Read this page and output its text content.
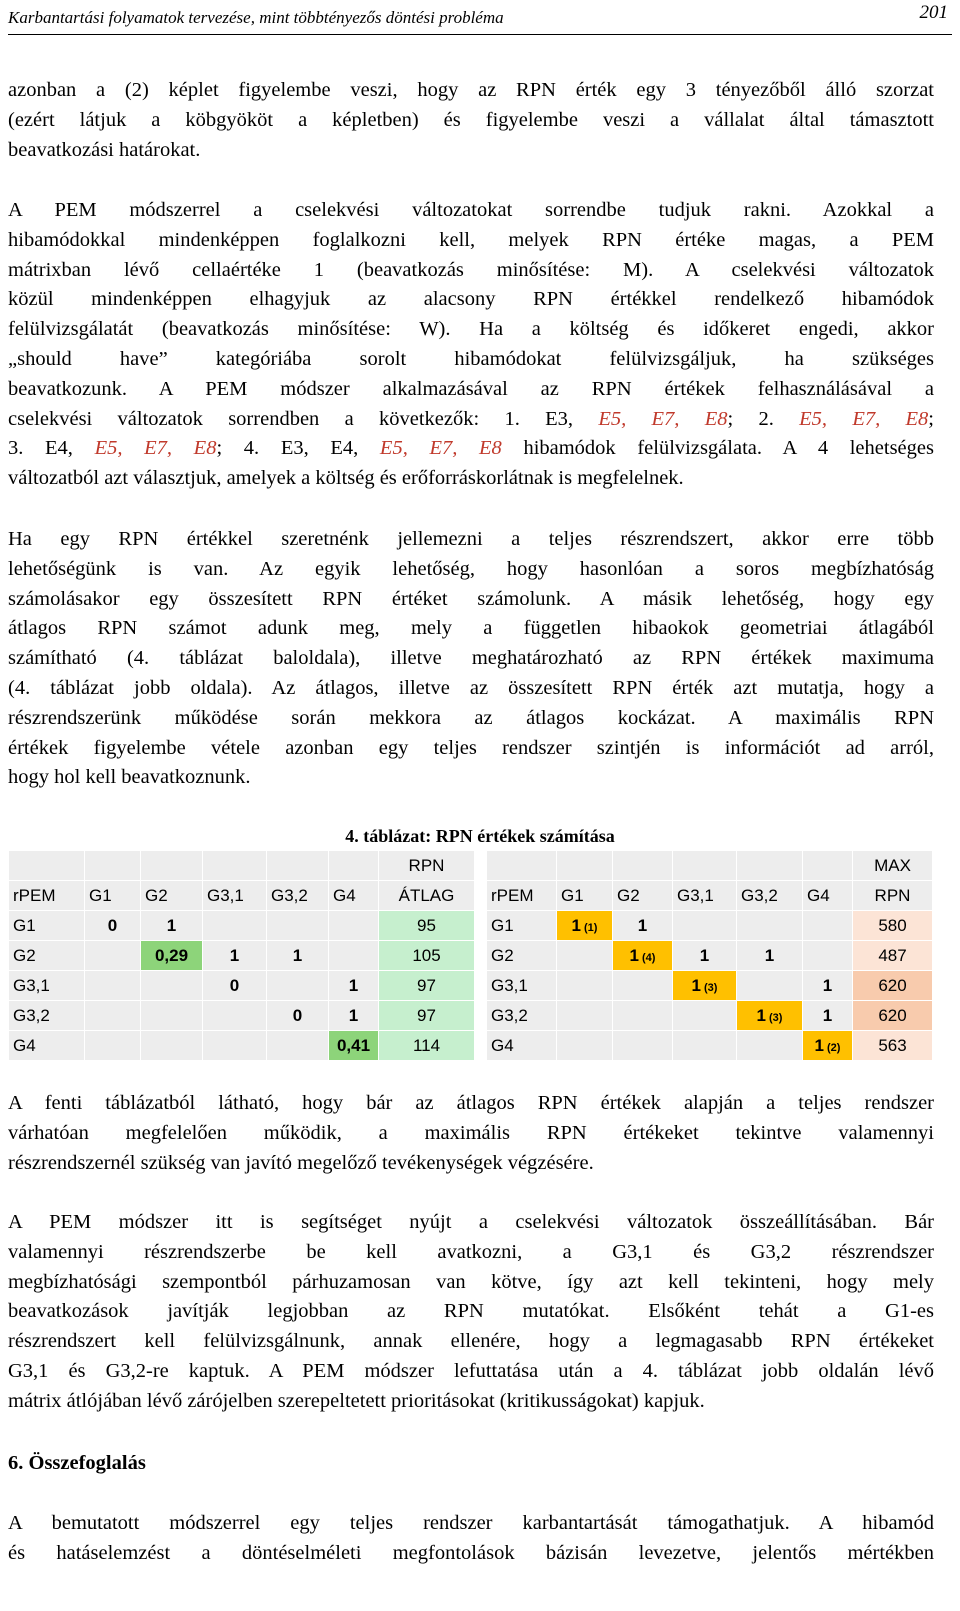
Karbantartási folyamatok tervezése, mint többtényezős döntési probléma	201
azonban a (2) képlet figyelembe veszi, hogy az RPN érték egy 3 tényezőből álló szorzat
(ezért látjuk a köbgyököt a képletben) és figyelembe veszi a vállalat által támasztott
beavatkozási határokat.
A PEM módszerrel a cselekvési változatokat sorrendbe tudjuk rakni. Azokkal a
hibamódokkal mindenképpen foglalkozni kell, melyek RPN értéke magas, a PEM
mátrixban lévő cellaértéke 1 (beavatkozás minősítése: M). A cselekvési változatok
közül mindenképpen elhagyjuk az alacsony RPN értékkel rendelkező hibamódok
felülvizsgálatát (beavatkozás minősítése: W). Ha a költség és időkeret engedi, akkor
„should have” kategóriába sorolt hibamódokat felülvizsgáljuk, ha szükséges
beavatkozunk. A PEM módszer alkalmazásával az RPN értékek felhasználásával a
cselekvési változatok sorrendben a következők: 1. E3, E5, E7, E8; 2. E5, E7, E8;
3. E4, E5, E7, E8; 4. E3, E4, E5, E7, E8 hibamódok felülvizsgálata. A 4 lehetséges
változatból azt választjuk, amelyek a költség és erőforráskorlátnak is megfelelnek.
Ha egy RPN értékkel szeretnénk jellemezni a teljes részrendszert, akkor erre több
lehetőségünk is van. Az egyik lehetőség, hogy hasonlóan a soros megbízhatóság
számolásakor egy összesített RPN értéket számolunk. A másik lehetőség, hogy egy
átlagos RPN számot adunk meg, mely a független hibaokok geometriai átlagából
számítható (4. táblázat baloldala), illetve meghatározható az RPN értékek maximuma
(4. táblázat jobb oldala). Az átlagos, illetve az összesített RPN érték azt mutatja, hogy a
részrendszerünk működése során mekkora az átlagos kockázat. A maximális RPN
értékek figyelembe vétele azonban egy teljes rendszer szintjén is információt ad arról,
hogy hol kell beavatkoznunk.
4. táblázat: RPN értékek számítása
						RPN
rPEM	G1	G2	G3,1	G3,2	G4	ÁTLAG
G1	0	1				95
G2		0,29	1	1		105
G3,1			0		1	97
G3,2				0	1	97
G4					0,41	114
						MAX
rPEM	G1	G2	G3,1	G3,2	G4	RPN
G1	1 (1)	1				580
G2		1 (4)	1	1		487
G3,1			1 (3)		1	620
G3,2				1 (3)	1	620
G4					1 (2)	563
A fenti táblázatból látható, hogy bár az átlagos RPN értékek alapján a teljes rendszer
várhatóan megfelelően működik, a maximális RPN értékeket tekintve valamennyi
részrendszernél szükség van javító megelőző tevékenységek végzésére.
A PEM módszer itt is segítséget nyújt a cselekvési változatok összeállításában. Bár
valamennyi részrendszerbe be kell avatkozni, a G3,1 és G3,2 részrendszer
megbízhatósági szempontból párhuzamosan van kötve, így azt kell tekinteni, hogy mely
beavatkozások javítják legjobban az RPN mutatókat. Elsőként tehát a G1-es
részrendszert kell felülvizsgálnunk, annak ellenére, hogy a legmagasabb RPN értékeket
G3,1 és G3,2-re kaptuk. A PEM módszer lefuttatása után a 4. táblázat jobb oldalán lévő
mátrix átlójában lévő zárójelben szerepeltetett prioritásokat (kritikusságokat) kapjuk.
6. Összefoglalás
A bemutatott módszerrel egy teljes rendszer karbantartását támogathatjuk. A hibamód
és hatáselemzést a döntéselméleti megfontolások bázisán levezetve, jelentős mértékben
